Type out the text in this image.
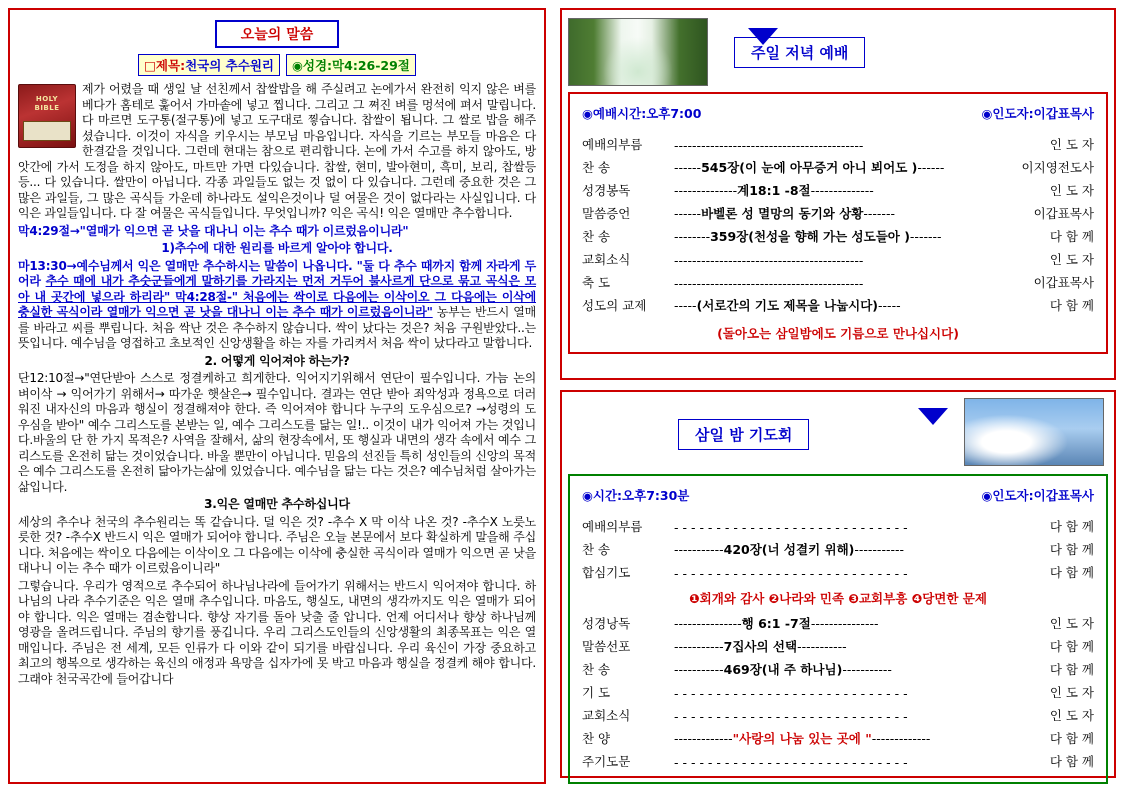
오늘의 말씀
□제목:천국의 추수원리	◉성경:막4:26-29절
HOLY BIBLE

제가 어렸을 때 생일 날 선친께서 찹쌀밥을 해 주실려고 논에가서 완전히 익지 않은 벼를 베다가 홈테로 훑어서 가마솥에 넣고 찝니다. 그리고 그 쪄진 벼를 멍석에 펴서 말립니다. 다 마르면 도구통(절구통)에 넣고 도구대로 찧습니다. 찹쌀이 됩니다. 그 쌀로 밥을 해주셨습니다. 이것이 자식을 키우시는 부모님 마음입니다. 자식을 기르는 부모들 마음은 다 한결같을 것입니다. 그런데 현대는 참으로 편리합니다. 논에 가서 수고를 하지 않아도, 방앗간에 가서 도정을 하지 않아도, 마트만 가면 다있습니다. 찹쌀, 현미, 발아현미, 흑미, 보리, 찹쌀등등... 다 있습니다. 쌀만이 아닙니다. 각종 과일들도 없는 것 없이 다 있습니다. 그런데 중요한 것은 그 많은 과일들, 그 많은 곡식들 가운데 하나라도 설익은것이나 덜 여물은 것이 없다라는 사실입니다. 다 익은 과일들입니다. 다 잘 여물은 곡식들입니다. 무엇입니까? 익은 곡식! 익은 열매만 추수합니다.

막4:29절→"열매가 익으면 곧 낫을 대나니 이는 추수 때가 이르렀음이니라"

1)추수에 대한 원리를 바르게 알아야 합니다.

마13:30→예수님께서 익은 열매만 추수하시는 말씀이 나옵니다. "둘 다 추수 때까지 함께 자라게 두어라 추수 때에 내가 추숫군들에게 말하기를 가라지는 먼저 거두어 불사르게 단으로 묶고 곡식은 모아 내 곳간에 넣으라 하리라" 막4:28절-" 처음에는 싹이로 다음에는 이삭이오 그 다음에는 이삭에 충실한 곡식이라 열매가 익으면 곧 낫을 대나니 이는 추수 때가 이르렀음이니라" 농부는 반드시 열매를 바라고 씨를 뿌립니다. 처음 싹난 것은 추수하지 않습니다. 싹이 났다는 것은? 처음 구원받았다..는 뜻입니다. 예수님을 영접하고 초보적인 신앙생활을 하는 자를 가리켜서 처음 싹이 났다라고 말합니다.

2. 어떻게 익어져야 하는가?

단12:10절→"연단받아 스스로 정결케하고 희게한다. 익어지기위해서 연단이 필수입니다. 가늠 논의 벼이삭 → 익어가기 위해서→ 따가운 햇살은→ 필수입니다. 결과는 연단 받아 죄악성과 정욕으로 더러워진 내자신의 마음과 행실이 정결해져야 한다. 즉 익어져야 합니다 누구의 도우심으로? →성령의 도우심을 받아" 예수 그리스도를 본받는 일, 예수 그리스도를 닮는 일!.. 이것이 내가 익어져 가는 것입니다.바울의 단 한 가지 목적은? 사역을 잘해서, 삶의 현장속에서, 또 행실과 내면의 생각 속에서 예수 그리스도를 온전히 닮는 것이었습니다. 바울 뿐만이 아닙니다. 믿음의 선진들 특히 성인들의 신앙의 목적은 예수 그리스도를 온전히 닮아가는삶에 있었습니다. 예수님을 닮는 다는 것은? 예수님처럼 살아가는 삶입니다.

3.익은 열매만 추수하십니다

세상의 추수나 천국의 추수원리는 똑 같습니다. 덜 익은 것? -추수 X 막 이삭 나온 것? -추수X 노릇노릇한 것? -추수X 반드시 익은 열매가 되어야 합니다. 주님은 오늘 본문에서 보다 확실하게 말을해 주십니다. 처음에는 싹이오 다음에는 이삭이오 그 다음에는 이삭에 충실한 곡식이라 열매가 익으면 곧 낫을 대나니 이는 추수 때가 이르렀음이니라"

그렇습니다. 우리가 영적으로 추수되어 하나님나라에 들어가기 위해서는 반드시 익어져야 합니다. 하나님의 나라 추수기준은 익은 열매 추수입니다. 마음도, 행실도, 내면의 생각까지도 익은 열매가 되어야 합니다. 익은 열매는 겸손합니다. 향상 자기를 돌아 낮출 줄 압니다. 언제 어디서나 향상 하나님께 영광을 올려드립니다. 주님의 향기를 풍깁니다. 우리 그리스도인들의 신앙생활의 최종목표는 익은 열매입니다. 주님은 전 세계, 모든 인류가 다 이와 같이 되기를 바랍십니다. 우리 육신이 가장 중요하고 최고의 행복으로 생각하는 육신의 애정과 욕망을 십자가에 못 박고 마음과 행실을 정결케 해야 합니다. 그래야 천국곡간에 들어갑니다

주일 저녁 예배
◉예배시간:오후7:00	◉인도자:이갑표목사
예배의부름	------------------------------------------	인 도 자
찬 송	------545장(이 눈에 아무증거 아니 뵈어도 )------	이지영전도사
성경봉독	--------------계18:1 -8절--------------	인 도 자
말씀증언	------바벨론 성 멸망의 동기와 상황-------	이갑표목사
찬 송	--------359장(천성을 향해 가는 성도들아 )-------	다 함 께
교회소식	------------------------------------------	인 도 자
축 도	------------------------------------------	이갑표목사
성도의 교제	-----(서로간의 기도 제목을 나눕시다)-----	다 함 께
(돌아오는 삼일밤에도 기름으로 만나십시다)
삼일 밤 기도회
◉시간:오후7:30분	◉인도자:이갑표목사
예배의부름	- - - - - - - - - - - - - - - - - - - - - - - - - - - -	다 함 께
찬 송	-----------420장(너 성결키 위해)-----------	다 함 께
합심기도	- - - - - - - - - - - - - - - - - - - - - - - - - - - -	다 함 께
❶회개와 감사 ❷나라와 민족 ❸교회부흥 ❹당면한 문제
성경낭독	---------------행 6:1 -7절---------------	인 도 자
말씀선포	-----------7집사의 선택-----------	다 함 께
찬 송	-----------469장(내 주 하나님)-----------	다 함 께
기 도	- - - - - - - - - - - - - - - - - - - - - - - - - - - -	인 도 자
교회소식	- - - - - - - - - - - - - - - - - - - - - - - - - - - -	인 도 자
찬 양	-------------"사랑의 나눔 있는 곳에 "-------------	다 함 께
주기도문	- - - - - - - - - - - - - - - - - - - - - - - - - - - -	다 함 께
